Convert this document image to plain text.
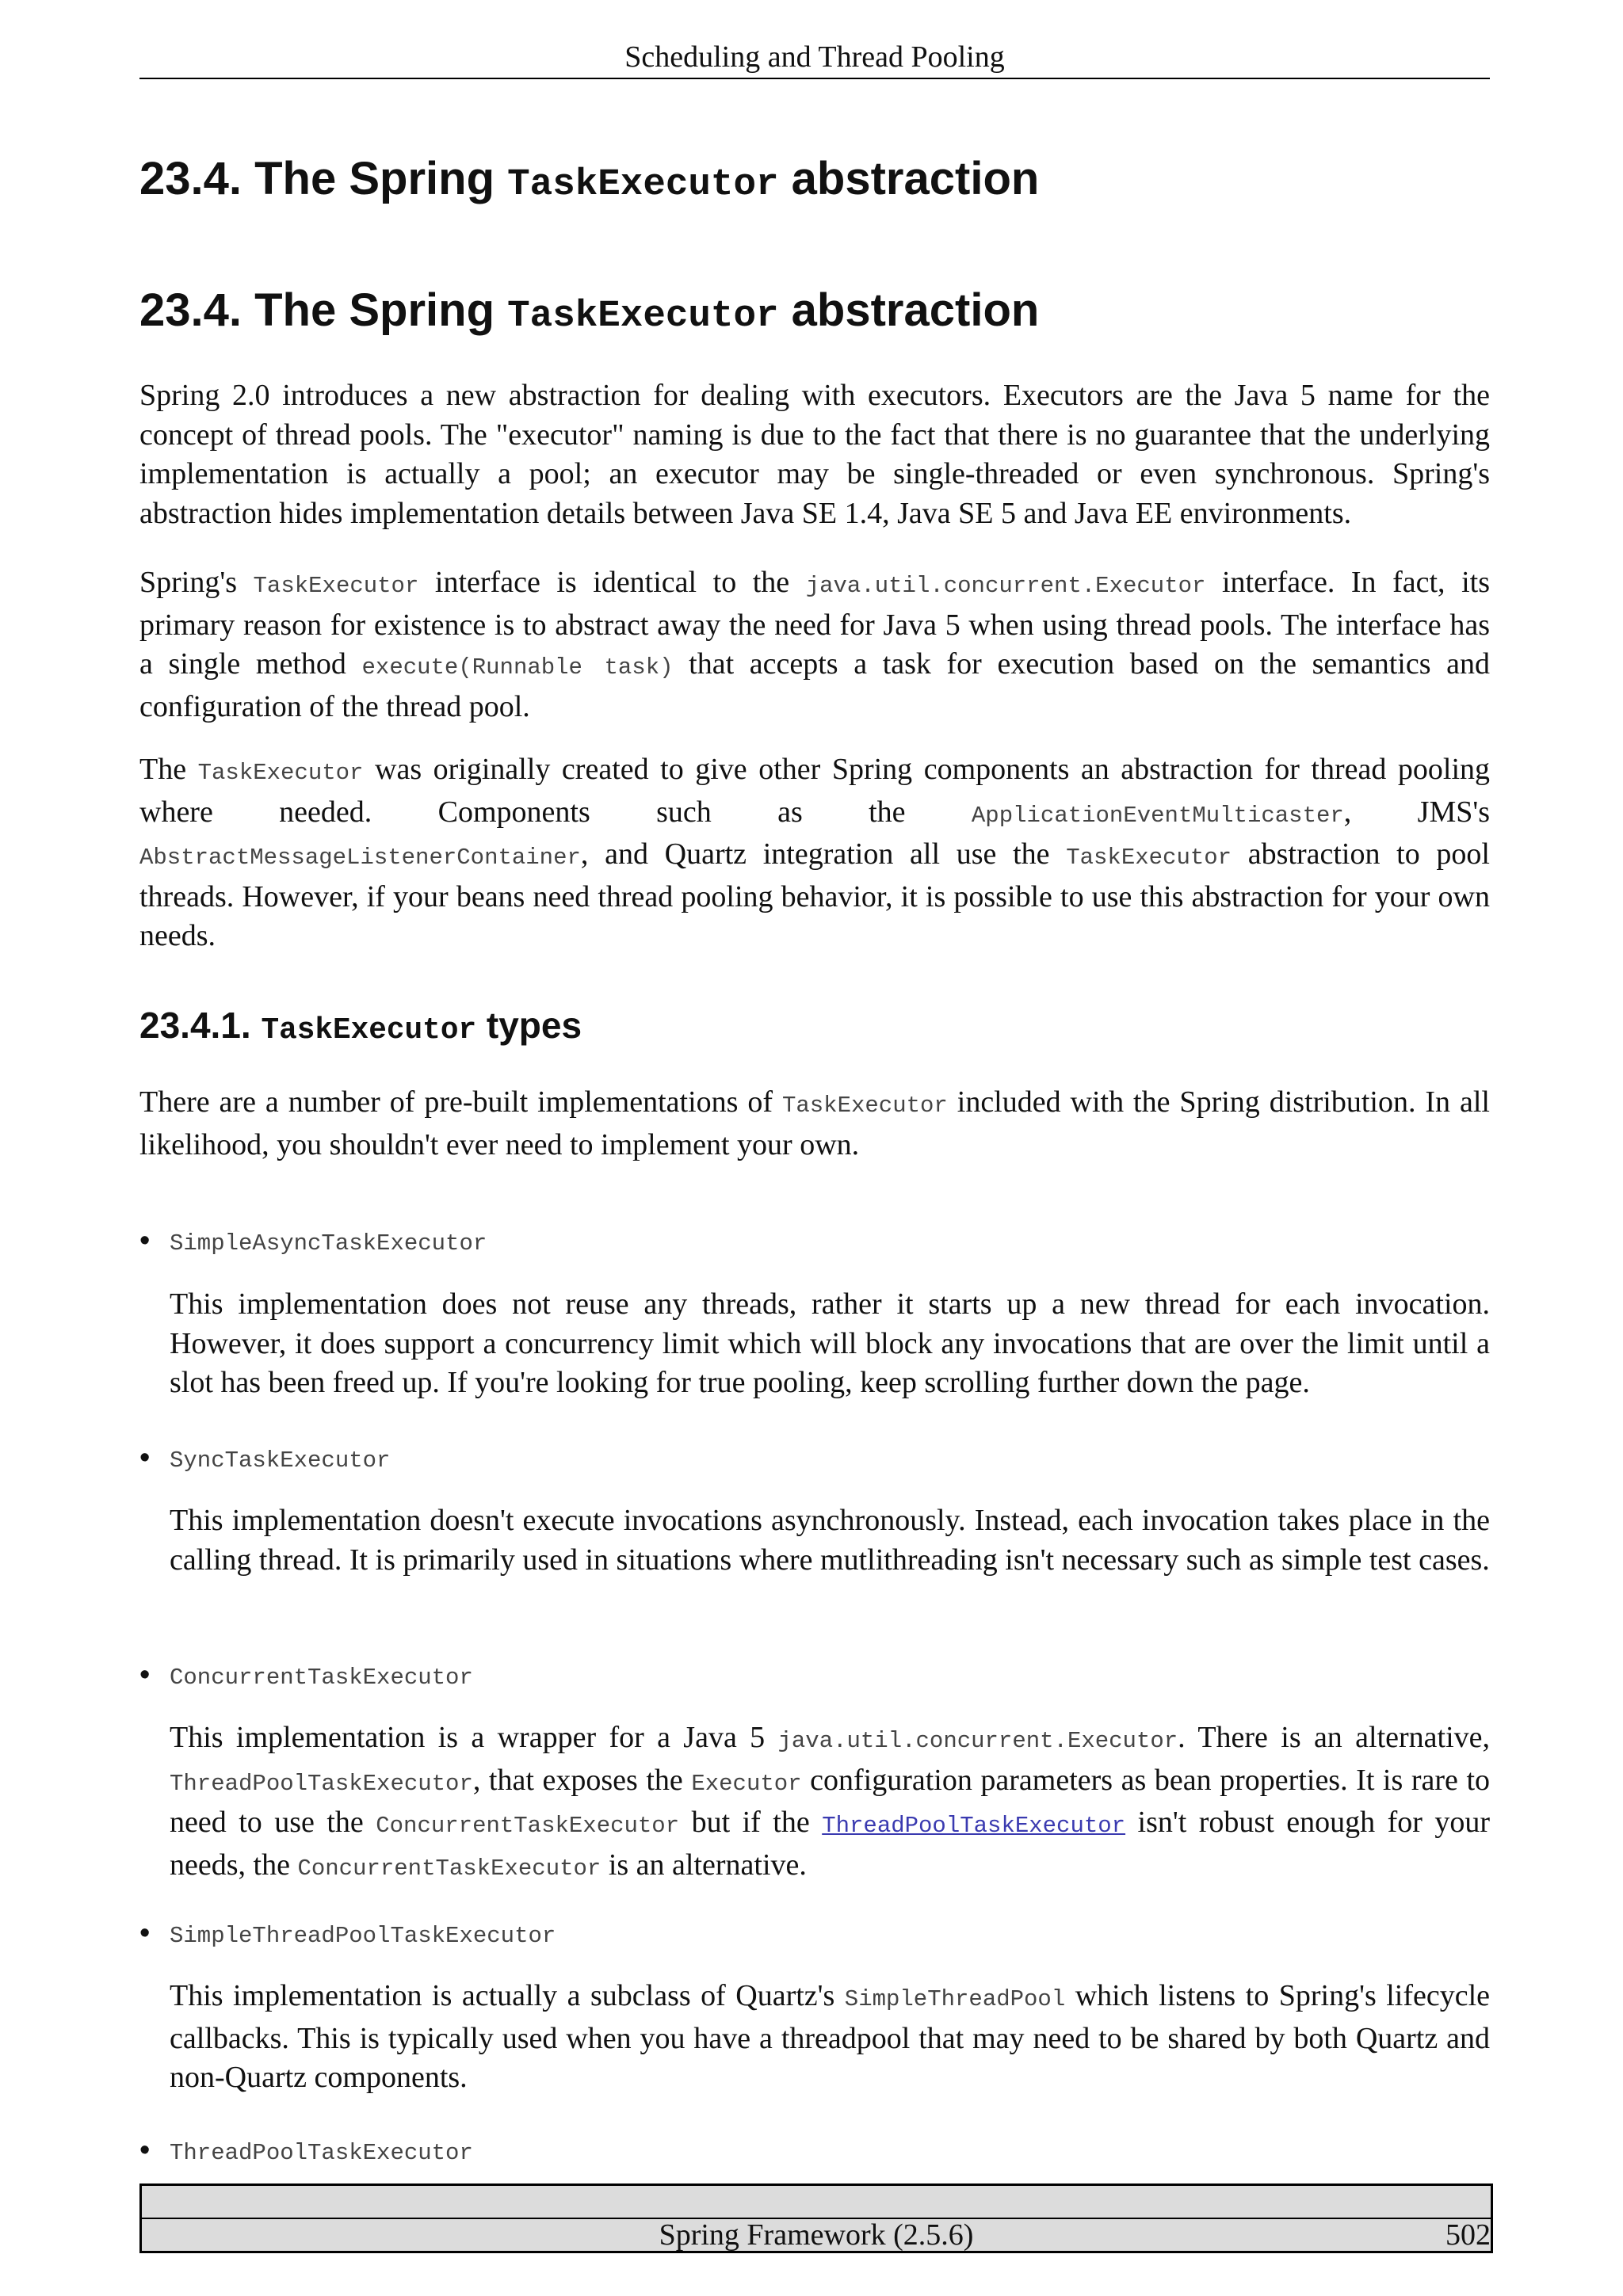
Scheduling and Thread Pooling
23.4. The Spring TaskExecutor abstraction
23.4. The Spring TaskExecutor abstraction

Spring 2.0 introduces a new abstraction for dealing with executors. Executors are the Java 5 name for the concept of thread pools. The "executor" naming is due to the fact that there is no guarantee that the underlying implementation is actually a pool; an executor may be single-threaded or even synchronous. Spring's abstraction hides implementation details between Java SE 1.4, Java SE 5 and Java EE environments.

Spring's TaskExecutor interface is identical to the java.util.concurrent.Executor interface. In fact, its primary reason for existence is to abstract away the need for Java 5 when using thread pools. The interface has a single method execute(Runnable task) that accepts a task for execution based on the semantics and configuration of the thread pool.

The TaskExecutor was originally created to give other Spring components an abstraction for thread pooling where needed. Components such as the ApplicationEventMulticaster, JMS's AbstractMessageListenerContainer, and Quartz integration all use the TaskExecutor abstraction to pool threads. However, if your beans need thread pooling behavior, it is possible to use this abstraction for your own needs.

23.4.1. TaskExecutor types

There are a number of pre-built implementations of TaskExecutor included with the Spring distribution. In all likelihood, you shouldn't ever need to implement your own.

• SimpleAsyncTaskExecutor

This implementation does not reuse any threads, rather it starts up a new thread for each invocation. However, it does support a concurrency limit which will block any invocations that are over the limit until a slot has been freed up. If you're looking for true pooling, keep scrolling further down the page.

• SyncTaskExecutor

This implementation doesn't execute invocations asynchronously. Instead, each invocation takes place in the calling thread. It is primarily used in situations where mutlithreading isn't necessary such as simple test cases.

• ConcurrentTaskExecutor

This implementation is a wrapper for a Java 5 java.util.concurrent.Executor. There is an alternative, ThreadPoolTaskExecutor, that exposes the Executor configuration parameters as bean properties. It is rare to need to use the ConcurrentTaskExecutor but if the ThreadPoolTaskExecutor isn't robust enough for your needs, the ConcurrentTaskExecutor is an alternative.

• SimpleThreadPoolTaskExecutor

This implementation is actually a subclass of Quartz's SimpleThreadPool which listens to Spring's lifecycle callbacks. This is typically used when you have a threadpool that may need to be shared by both Quartz and non-Quartz components.

• ThreadPoolTaskExecutor
Spring Framework (2.5.6)	502
